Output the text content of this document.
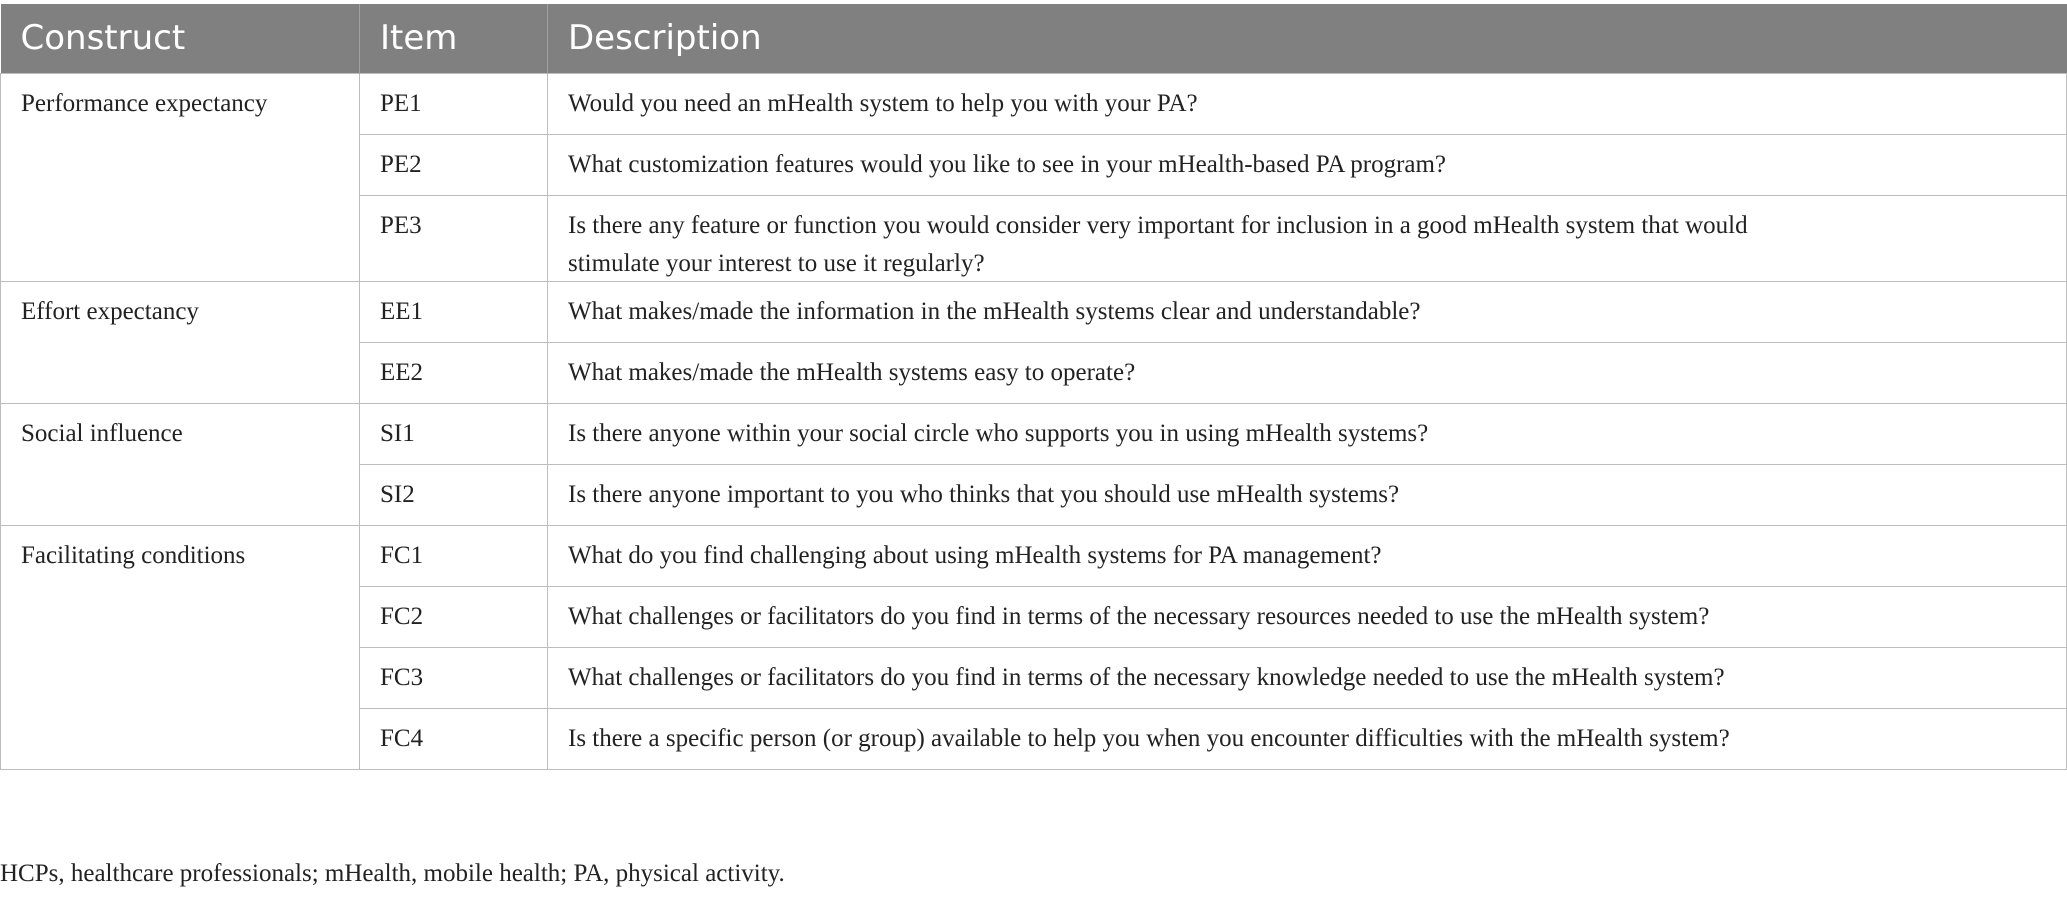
Construct	Item	Description

Performance expectancy	PE1	Would you need an mHealth system to help you with your PA?

	PE2	What customization features would you like to see in your mHealth-based PA program?

	PE3	Is there any feature or function you would consider very important for inclusion in a good mHealth system that would
stimulate your interest to use it regularly?

Effort expectancy	EE1	What makes/made the information in the mHealth systems clear and understandable?

	EE2	What makes/made the mHealth systems easy to operate?

Social influence	SI1	Is there anyone within your social circle who supports you in using mHealth systems?

	SI2	Is there anyone important to you who thinks that you should use mHealth systems?

Facilitating conditions	FC1	What do you find challenging about using mHealth systems for PA management?

	FC2	What challenges or facilitators do you find in terms of the necessary resources needed to use the mHealth system?

	FC3	What challenges or facilitators do you find in terms of the necessary knowledge needed to use the mHealth system?

	FC4	Is there a specific person (or group) available to help you when you encounter difficulties with the mHealth system?
HCPs, healthcare professionals; mHealth, mobile health; PA, physical activity.
